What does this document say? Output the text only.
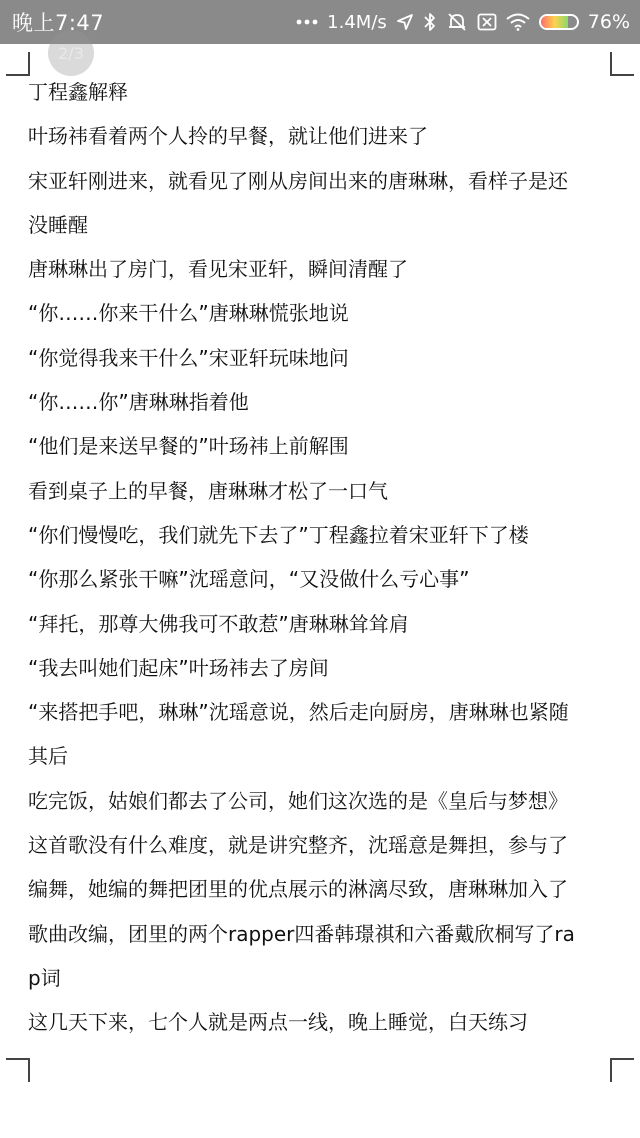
晚上7:47	1.4M/s	76%
2/3
丁程鑫解释
叶玚祎看着两个人拎的早餐，就让他们进来了
宋亚轩刚进来，就看见了刚从房间出来的唐琳琳，看样子是还
没睡醒
唐琳琳出了房门，看见宋亚轩，瞬间清醒了
“你……你来干什么”唐琳琳慌张地说
“你觉得我来干什么”宋亚轩玩味地问
“你……你”唐琳琳指着他
“他们是来送早餐的”叶玚祎上前解围
看到桌子上的早餐，唐琳琳才松了一口气
“你们慢慢吃，我们就先下去了”丁程鑫拉着宋亚轩下了楼
“你那么紧张干嘛”沈瑶意问，“又没做什么亏心事”
“拜托，那尊大佛我可不敢惹”唐琳琳耸耸肩
“我去叫她们起床”叶玚祎去了房间
“来搭把手吧，琳琳”沈瑶意说，然后走向厨房，唐琳琳也紧随
其后
吃完饭，姑娘们都去了公司，她们这次选的是《皇后与梦想》
这首歌没有什么难度，就是讲究整齐，沈瑶意是舞担，参与了
编舞，她编的舞把团里的优点展示的淋漓尽致，唐琳琳加入了
歌曲改编，团里的两个rapper四番韩璟祺和六番戴欣桐写了ra
p词
这几天下来，七个人就是两点一线，晚上睡觉，白天练习
